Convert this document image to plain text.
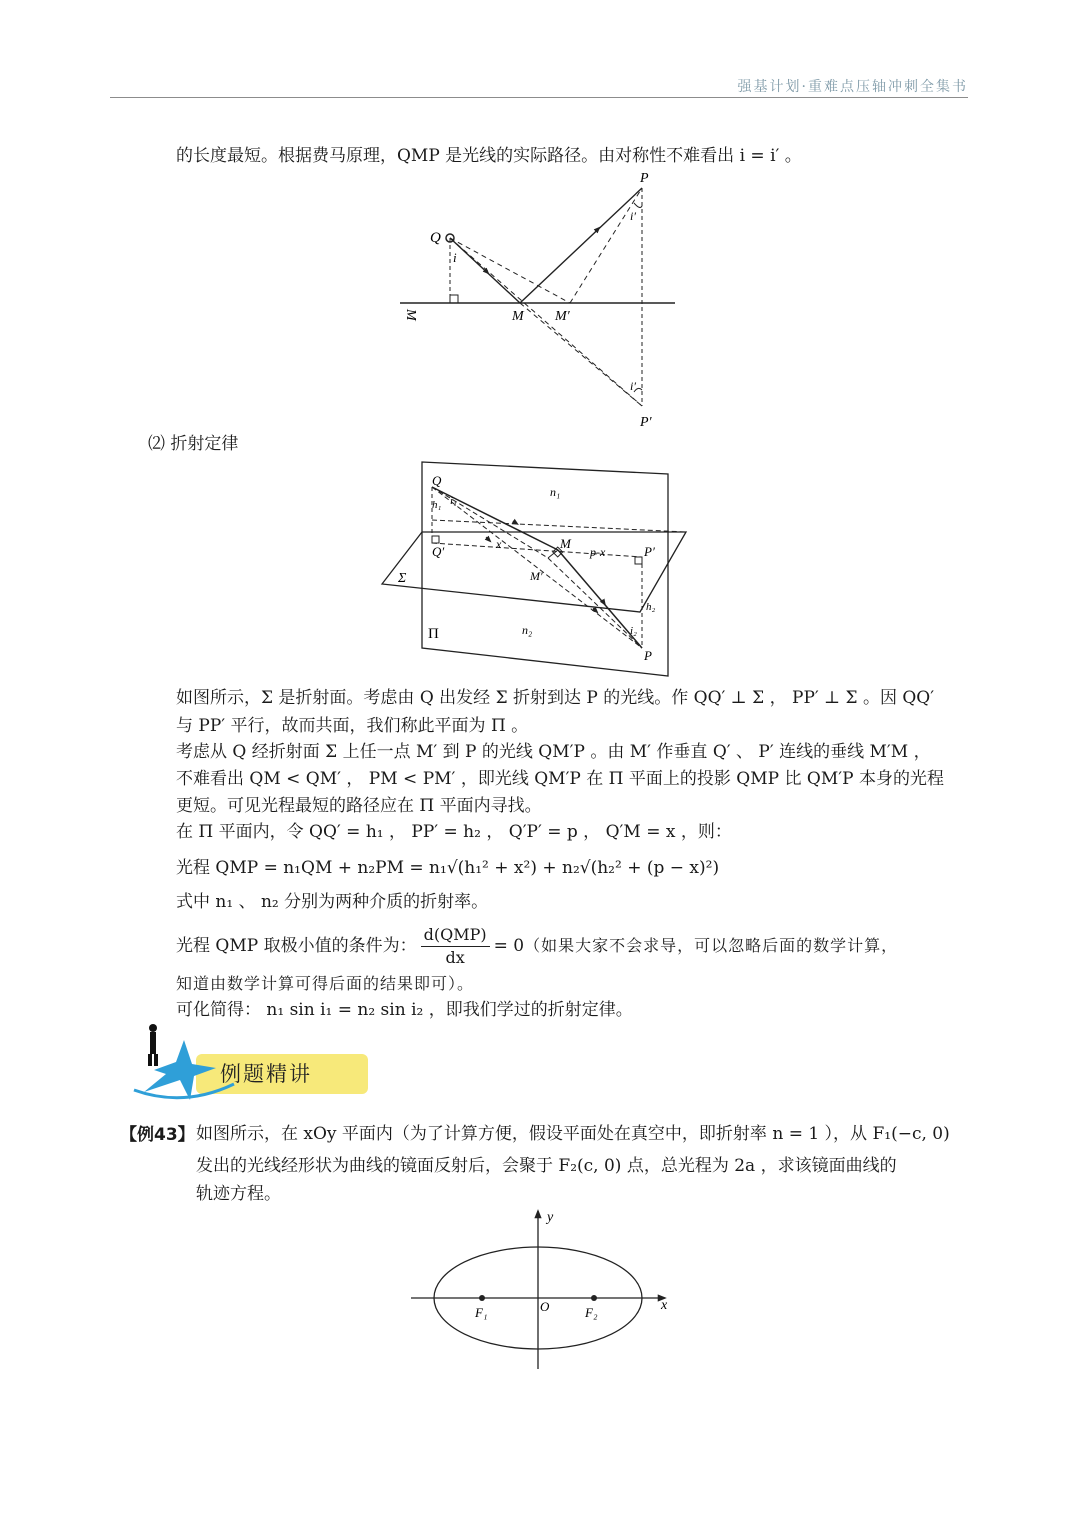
强基计划·重难点压轴冲刺全集书
的长度最短。根据费马原理，QMP 是光线的实际路径。由对称性不难看出 i = i′ 。
Q
i
P
i′
M M′
M
i′
P′
⑵ 折射定律
Q
h₁ i₁
n₁
x	M
p-x
Q′	P′
M′
Σ
h₂
n₂
Π	i₂
P
如图所示，Σ 是折射面。考虑由 Q 出发经 Σ 折射到达 P 的光线。作 QQ′ ⊥ Σ ， PP′ ⊥ Σ 。因 QQ′
与 PP′ 平行，故而共面，我们称此平面为 Π 。
考虑从 Q 经折射面 Σ 上任一点 M′ 到 P 的光线 QM′P 。由 M′ 作垂直 Q′ 、 P′ 连线的垂线 M′M ，
不难看出 QM < QM′ ， PM < PM′ ，即光线 QM′P 在 Π 平面上的投影 QMP 比 QM′P 本身的光程
更短。可见光程最短的路径应在 Π 平面内寻找。
在 Π 平面内，令 QQ′ = h₁ ， PP′ = h₂ ， Q′P′ = p ， Q′M = x ，则：
光程 QMP = n₁QM + n₂PM = n₁√(h₁² + x²) + n₂√(h₂² + (p − x)²)
式中 n₁ 、 n₂ 分别为两种介质的折射率。
光程 QMP 取极小值的条件为： $\frac{\text{d(QMP)}}{dx} = 0$（如果大家不会求导，可以忽略后面的数学计算，
知道由数学计算可得后面的结果即可）。
可化简得： n₁ sin i₁ = n₂ sin i₂ ，即我们学过的折射定律。
例题精讲
【例43】 如图所示，在 xOy 平面内（为了计算方便，假设平面处在真空中，即折射率 n = 1 ），从 F₁(−c, 0)
发出的光线经形状为曲线的镜面反射后，会聚于 F₂(c, 0) 点，总光程为 2a ，求该镜面曲线的
轨迹方程。
y
x
O
F₁	F₂
